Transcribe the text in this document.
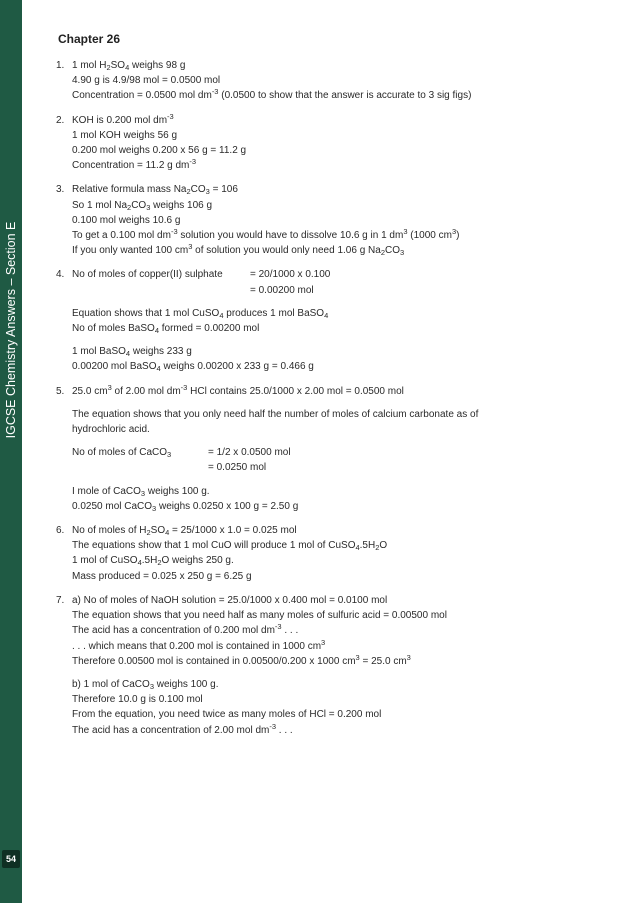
IGCSE Chemistry Answers – Section E
54
Chapter 26
1. 1 mol $H_2SO_4$ weighs 98 g
4.90 g is 4.9/98 mol = 0.0500 mol
Concentration = 0.0500 mol $dm^{-3}$ (0.0500 to show that the answer is accurate to 3 sig figs)
2. KOH is 0.200 mol $dm^{-3}$
1 mol KOH weighs 56 g
0.200 mol weighs 0.200 x 56 g = 11.2 g
Concentration = 11.2 g $dm^{-3}$
3. Relative formula mass $Na_2CO_3 = 106$
So 1 mol $Na_2CO_3$ weighs 106 g
0.100 mol weighs 10.6 g
To get a 0.100 mol $dm^{-3}$ solution you would have to dissolve 10.6 g in 1 $dm^3$ (1000 $cm^3$)
If you only wanted 100 $cm^3$ of solution you would only need 1.06 g $Na_2CO_3$
4. No of moles of copper(II) sulphate	= 20/1000 x 0.100
= 0.00200 mol
Equation shows that 1 mol CuSO$_4$ produces 1 mol BaSO$_4$
No of moles BaSO$_4$ formed = 0.00200 mol
1 mol BaSO$_4$ weighs 233 g
0.00200 mol BaSO$_4$ weighs 0.00200 x 233 g = 0.466 g
5. 25.0 $cm^3$ of 2.00 mol $dm^{-3}$ HCl contains 25.0/1000 x 2.00 mol = 0.0500 mol
The equation shows that you only need half the number of moles of calcium carbonate as of
hydrochloric acid.
No of moles of CaCO$_3$	= 1/2 x 0.0500 mol
= 0.0250 mol
I mole of CaCO$_3$ weighs 100 g.
0.0250 mol CaCO$_3$ weighs 0.0250 x 100 g = 2.50 g
6. No of moles of $H_2SO_4 = 25/1000$ x 1.0 = 0.025 mol
The equations show that 1 mol CuO will produce 1 mol of $CuSO_4.5H_2O$
1 mol of $CuSO_4.5H_2O$ weighs 250 g.
Mass produced = 0.025 x 250 g = 6.25 g
7. a) No of moles of NaOH solution = 25.0/1000 x 0.400 mol = 0.0100 mol
The equation shows that you need half as many moles of sulfuric acid = 0.00500 mol
The acid has a concentration of 0.200 mol $dm^{-3}$ . . .
. . . which means that 0.200 mol is contained in 1000 $cm^3$
Therefore 0.00500 mol is contained in 0.00500/0.200 x 1000 $cm^3 = 25.0$ $cm^3$
b) 1 mol of CaCO$_3$ weighs 100 g.
Therefore 10.0 g is 0.100 mol
From the equation, you need twice as many moles of HCl = 0.200 mol
The acid has a concentration of 2.00 mol $dm^{-3}$ . . .
